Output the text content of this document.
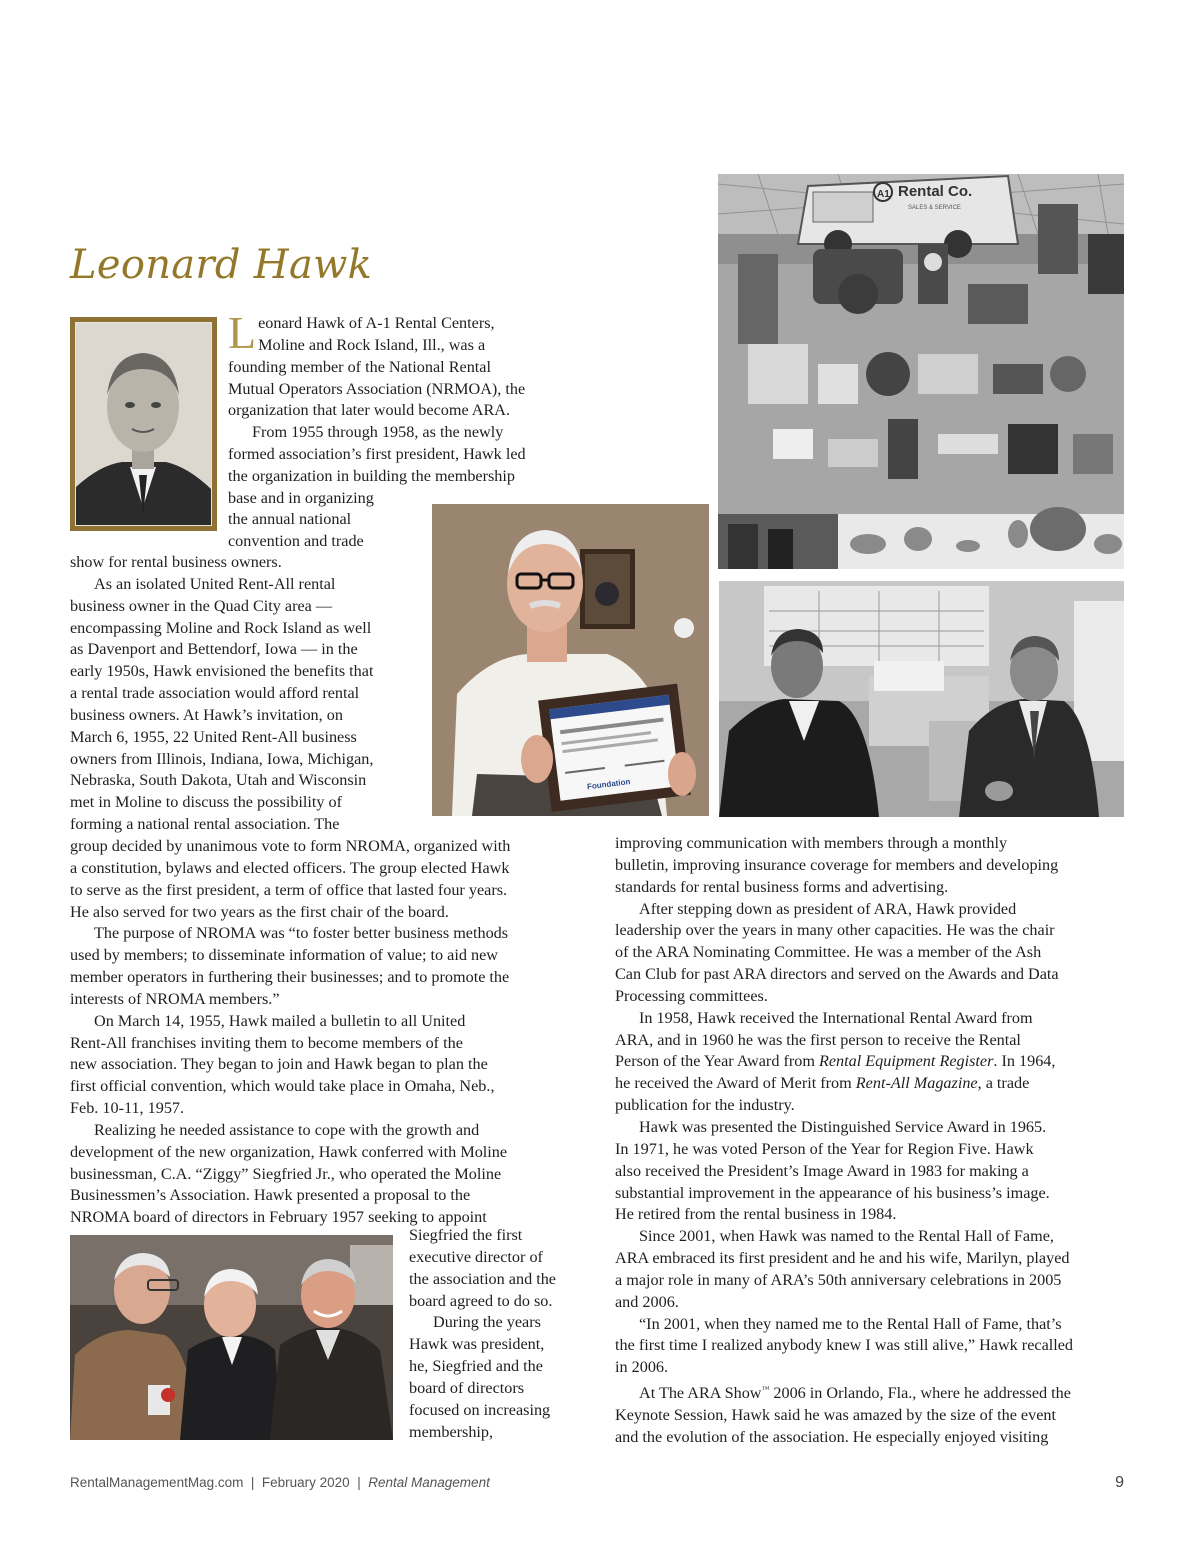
Leonard Hawk
L eonard Hawk of A-1 Rental Centers,
Moline and Rock Island, Ill., was a
founding member of the National Rental
Mutual Operators Association (NRMOA), the
organization that later would become ARA.
From 1955 through 1958, as the newly
formed association’s first president, Hawk led
the organization in building the membership
base and in organizing
the annual national
convention and trade
show for rental business owners.
As an isolated United Rent-All rental
business owner in the Quad City area —
encompassing Moline and Rock Island as well
as Davenport and Bettendorf, Iowa — in the
early 1950s, Hawk envisioned the benefits that
a rental trade association would afford rental
business owners. At Hawk’s invitation, on
March 6, 1955, 22 United Rent-All business
owners from Illinois, Indiana, Iowa, Michigan,
Nebraska, South Dakota, Utah and Wisconsin
met in Moline to discuss the possibility of
forming a national rental association. The
group decided by unanimous vote to form NROMA, organized with
a constitution, bylaws and elected officers. The group elected Hawk
to serve as the first president, a term of office that lasted four years.
He also served for two years as the first chair of the board.
The purpose of NROMA was “to foster better business methods
used by members; to disseminate information of value; to aid new
member operators in furthering their businesses; and to promote the
interests of NROMA members.”
On March 14, 1955, Hawk mailed a bulletin to all United
Rent-All franchises inviting them to become members of the
new association. They began to join and Hawk began to plan the
first official convention, which would take place in Omaha, Neb.,
Feb. 10-11, 1957.
Realizing he needed assistance to cope with the growth and
development of the new organization, Hawk conferred with Moline
businessman, C.A. “Ziggy” Siegfried Jr., who operated the Moline
Businessmen’s Association. Hawk presented a proposal to the
NROMA board of directors in February 1957 seeking to appoint
Siegfried the first
executive director of
the association and the
board agreed to do so.
During the years
Hawk was president,
he, Siegfried and the
board of directors
focused on increasing
membership,
improving communication with members through a monthly
bulletin, improving insurance coverage for members and developing
standards for rental business forms and advertising.
After stepping down as president of ARA, Hawk provided
leadership over the years in many other capacities. He was the chair
of the ARA Nominating Committee. He was a member of the Ash
Can Club for past ARA directors and served on the Awards and Data
Processing committees.
In 1958, Hawk received the International Rental Award from
ARA, and in 1960 he was the first person to receive the Rental
Person of the Year Award from Rental Equipment Register. In 1964,
he received the Award of Merit from Rent-All Magazine, a trade
publication for the industry.
Hawk was presented the Distinguished Service Award in 1965.
In 1971, he was voted Person of the Year for Region Five. Hawk
also received the President’s Image Award in 1983 for making a
substantial improvement in the appearance of his business’s image.
He retired from the rental business in 1984.
Since 2001, when Hawk was named to the Rental Hall of Fame,
ARA embraced its first president and he and his wife, Marilyn, played
a major role in many of ARA’s 50th anniversary celebrations in 2005
and 2006.
“In 2001, when they named me to the Rental Hall of Fame, that’s
the first time I realized anybody knew I was still alive,” Hawk recalled
in 2006.
At The ARA Show™ 2006 in Orlando, Fla., where he addressed the
Keynote Session, Hawk said he was amazed by the size of the event
and the evolution of the association. He especially enjoyed visiting
Rental Co.
A1
SALES & SERVICE
Foundation
RentalManagementMag.com | February 2020 | Rental Management	9
